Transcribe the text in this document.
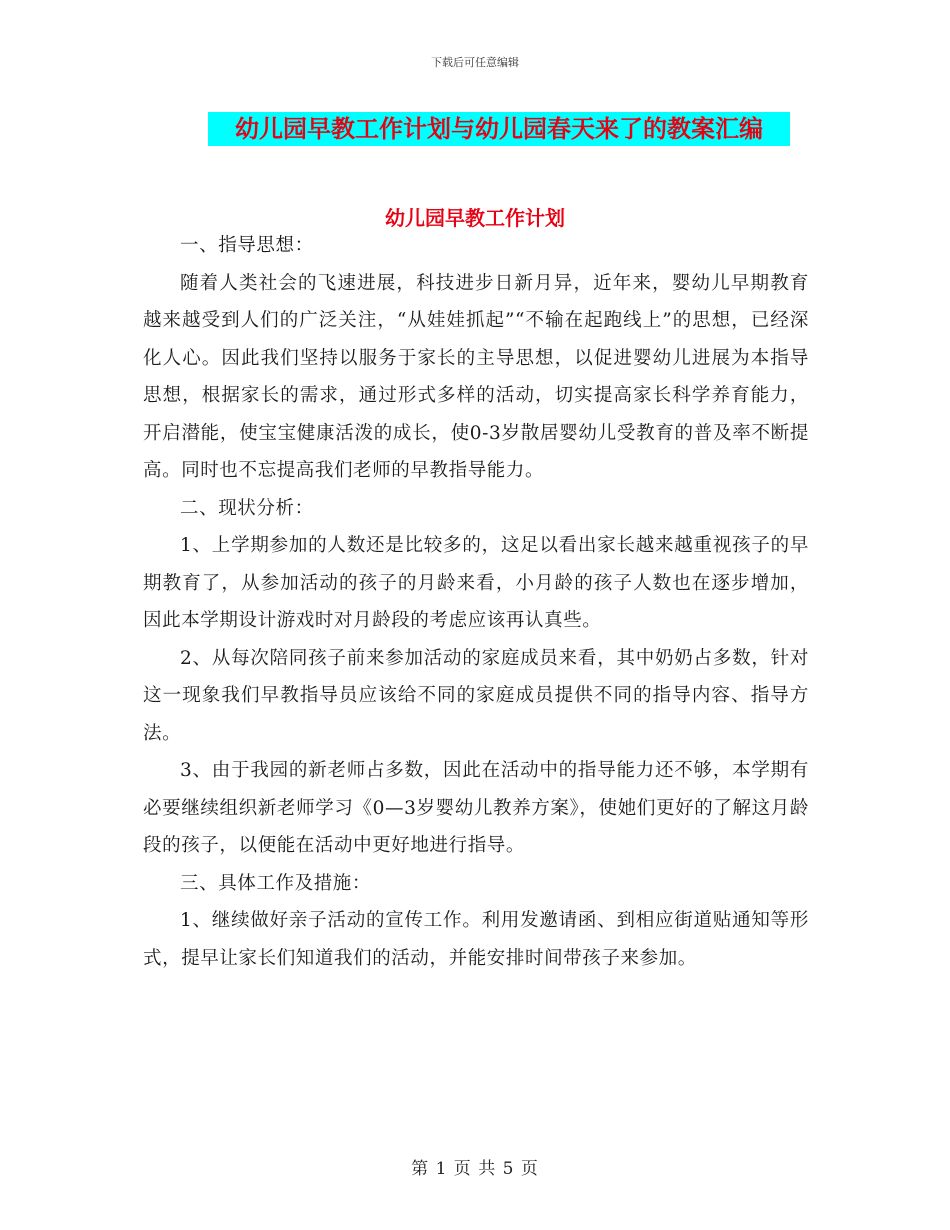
下载后可任意编辑
幼儿园早教工作计划与幼儿园春天来了的教案汇编
幼儿园早教工作计划

一、指导思想：

随着人类社会的飞速进展，科技进步日新月异，近年来，婴幼儿早期教育越来越受到人们的广泛关注，“从娃娃抓起”“不输在起跑线上”的思想，已经深化人心。因此我们坚持以服务于家长的主导思想，以促进婴幼儿进展为本指导思想，根据家长的需求，通过形式多样的活动，切实提高家长科学养育能力，开启潜能，使宝宝健康活泼的成长，使0-3岁散居婴幼儿受教育的普及率不断提高。同时也不忘提高我们老师的早教指导能力。

二、现状分析：

1、上学期参加的人数还是比较多的，这足以看出家长越来越重视孩子的早期教育了，从参加活动的孩子的月龄来看，小月龄的孩子人数也在逐步增加，因此本学期设计游戏时对月龄段的考虑应该再认真些。

2、从每次陪同孩子前来参加活动的家庭成员来看，其中奶奶占多数，针对这一现象我们早教指导员应该给不同的家庭成员提供不同的指导内容、指导方法。

3、由于我园的新老师占多数，因此在活动中的指导能力还不够，本学期有必要继续组织新老师学习《0—3岁婴幼儿教养方案》，使她们更好的了解这月龄段的孩子，以便能在活动中更好地进行指导。

三、具体工作及措施：

1、继续做好亲子活动的宣传工作。利用发邀请函、到相应街道贴通知等形式，提早让家长们知道我们的活动，并能安排时间带孩子来参加。

第 1 页 共 5 页
